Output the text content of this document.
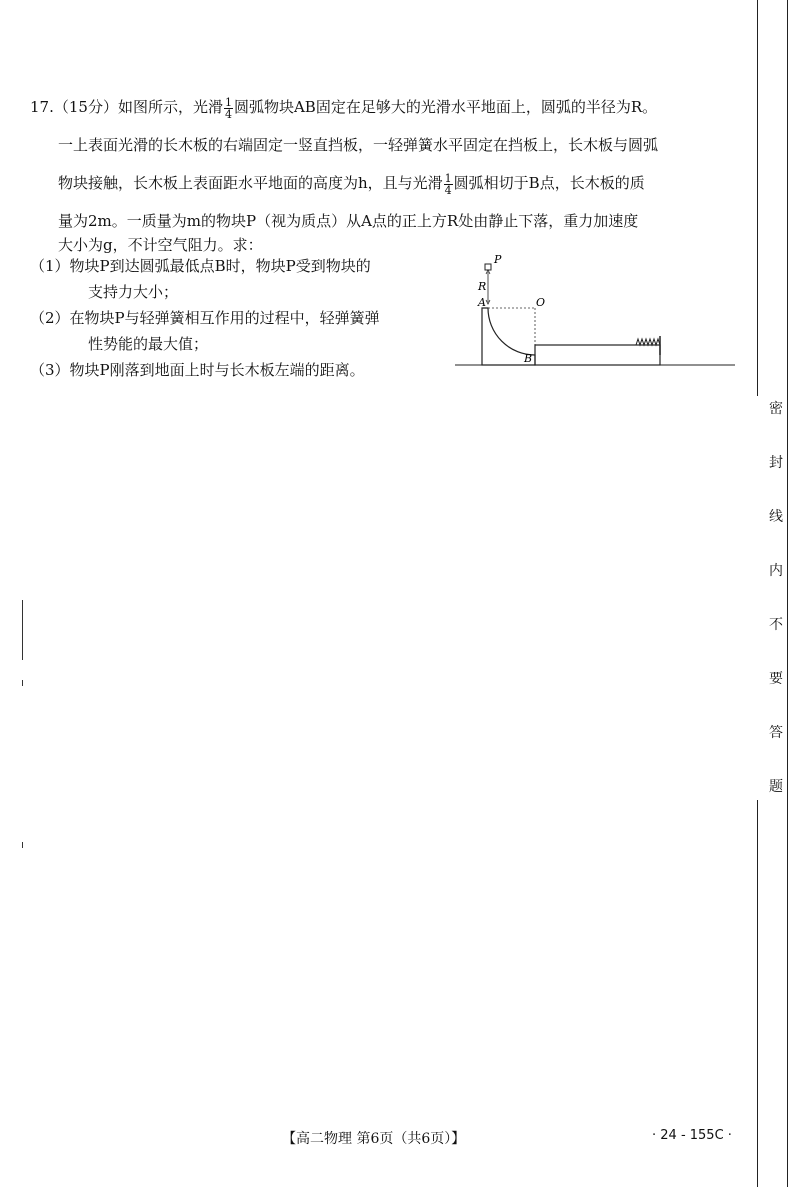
17.（15分）如图所示，光滑 $\frac{1}{4}$ 圆弧物块AB固定在足够大的光滑水平地面上，圆弧的半径为R。
一上表面光滑的长木板的右端固定一竖直挡板，一轻弹簧水平固定在挡板上，长木板与圆弧
物块接触，长木板上表面距水平地面的高度为h，且与光滑 $\frac{1}{4}$ 圆弧相切于B点，长木板的质
量为2m。一质量为m的物块P（视为质点）从A点的正上方R处由静止下落，重力加速度
大小为g，不计空气阻力。求：
（1）物块P到达圆弧最低点B时，物块P受到物块的
支持力大小；
（2）在物块P与轻弹簧相互作用的过程中，轻弹簧弹
性势能的最大值；
（3）物块P刚落到地面上时与长木板左端的距离。
P
R
A	O
B
密
封
线
内
不
要
答
题
【高二物理 第6页（共6页）】	· 24 - 155C ·
